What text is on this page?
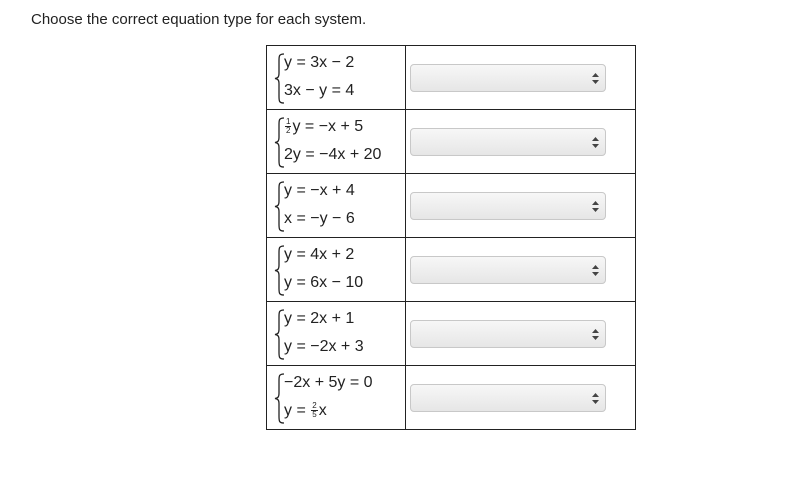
Choose the correct equation type for each system.
y = 3x − 2
3x − y = 4

$\frac{1}{2}$ y = −x + 5
2y = −4x + 20

y = −x + 4
x = −y − 6

y = 4x + 2
y = 6x − 10

y = 2x + 1
y = −2x + 3

−2x + 5y = 0
$y = \frac{2}{5}$ x
